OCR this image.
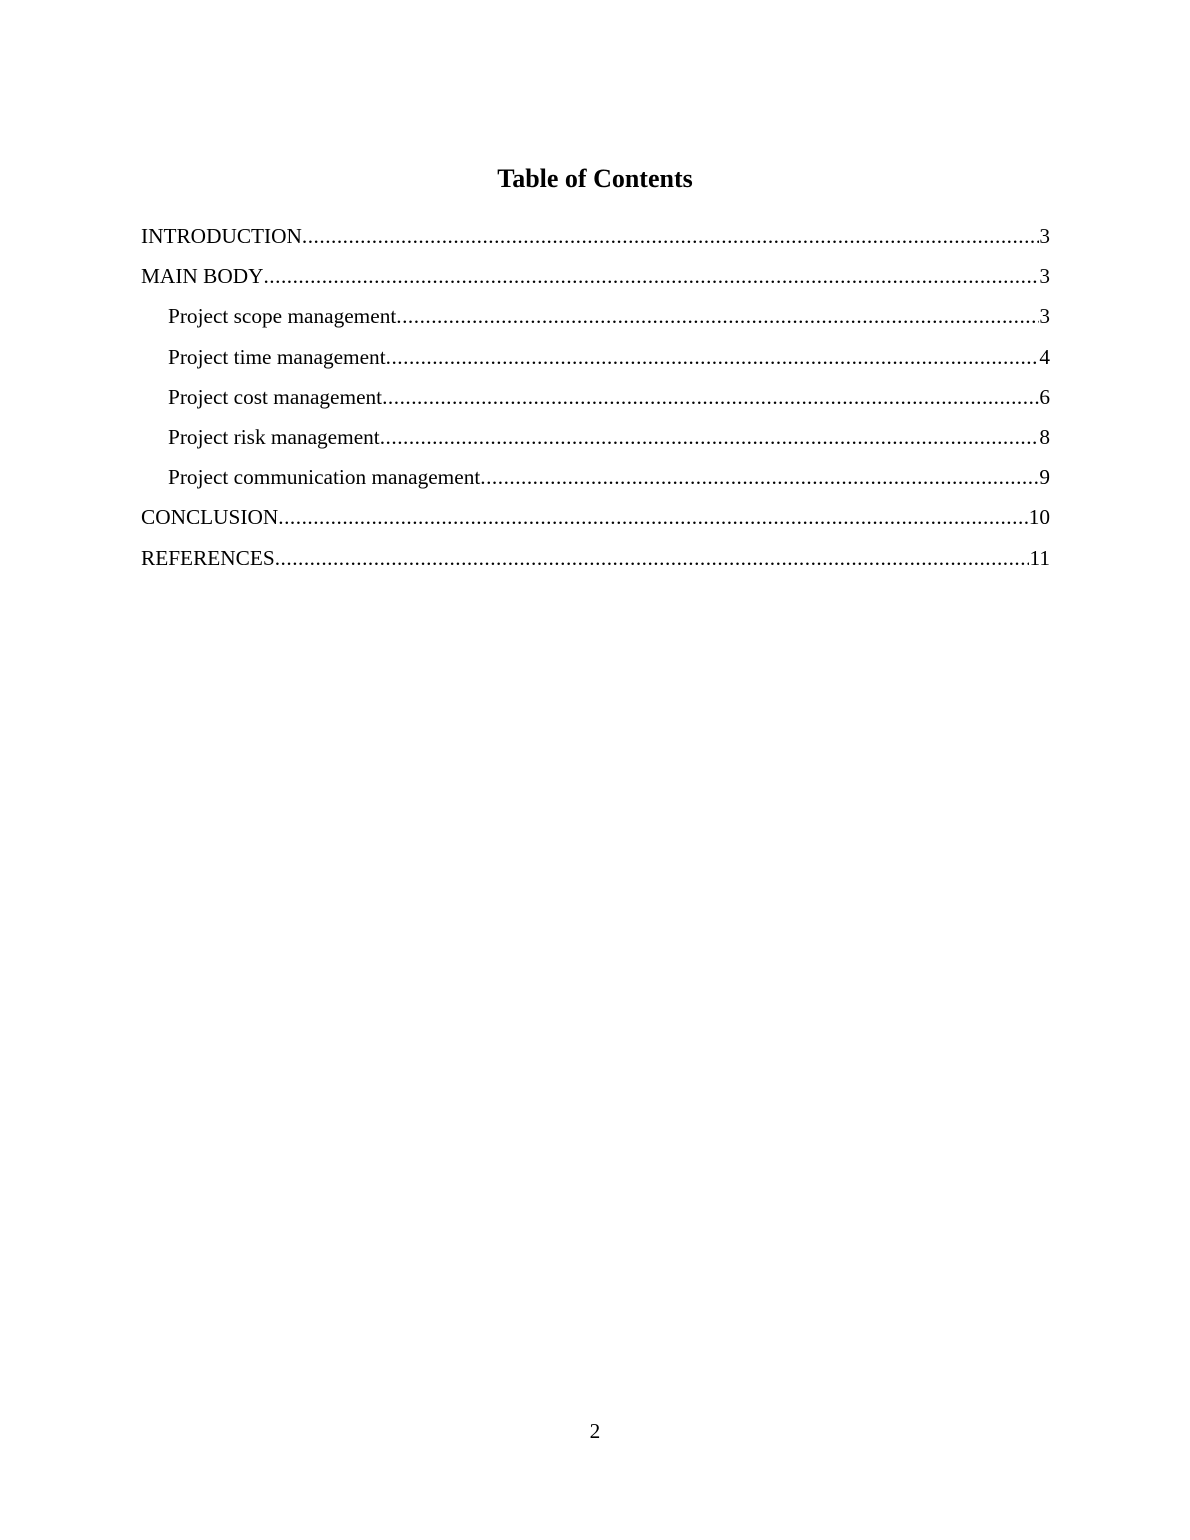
Table of Contents
INTRODUCTION .....	3
MAIN BODY .....	3
Project scope management .....	3
Project time management .....	4
Project cost management .....	6
Project risk management .....	8
Project communication management .....	9
CONCLUSION .....	10
REFERENCES .....	11
2
